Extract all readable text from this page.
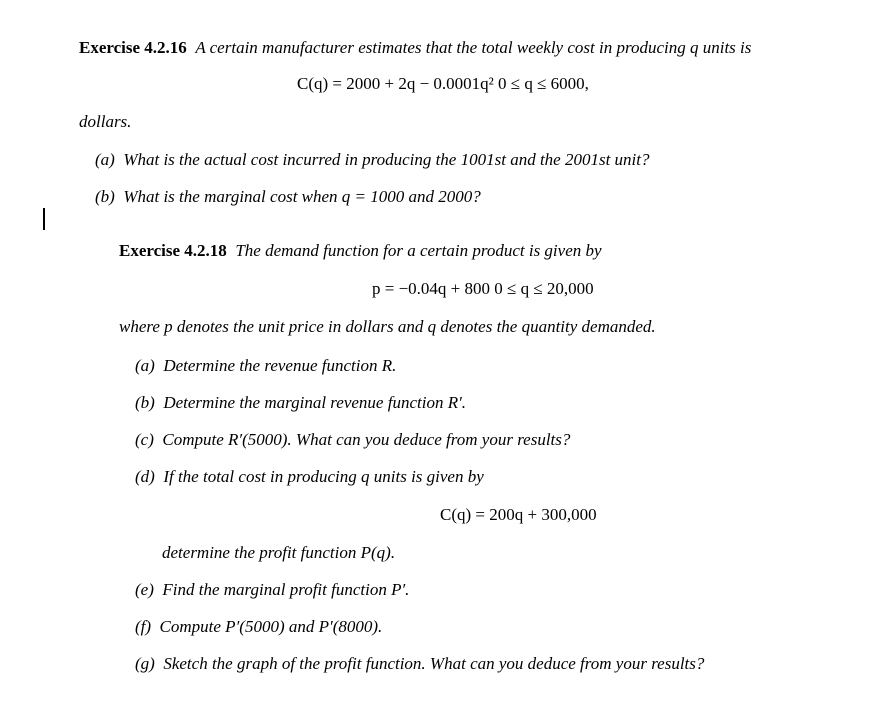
Exercise 4.2.16 A certain manufacturer estimates that the total weekly cost in producing q units is
C(q) = 2000 + 2q − 0.0001q² 0 ≤ q ≤ 6000,
dollars.
(a) What is the actual cost incurred in producing the 1001st and the 2001st unit?
(b) What is the marginal cost when q = 1000 and 2000?
Exercise 4.2.18 The demand function for a certain product is given by
p = −0.04q + 800 0 ≤ q ≤ 20,000
where p denotes the unit price in dollars and q denotes the quantity demanded.
(a) Determine the revenue function R.
(b) Determine the marginal revenue function R′.
(c) Compute R′(5000). What can you deduce from your results?
(d) If the total cost in producing q units is given by
C(q) = 200q + 300,000
determine the profit function P(q).
(e) Find the marginal profit function P′.
(f) Compute P′(5000) and P′(8000).
(g) Sketch the graph of the profit function. What can you deduce from your results?
